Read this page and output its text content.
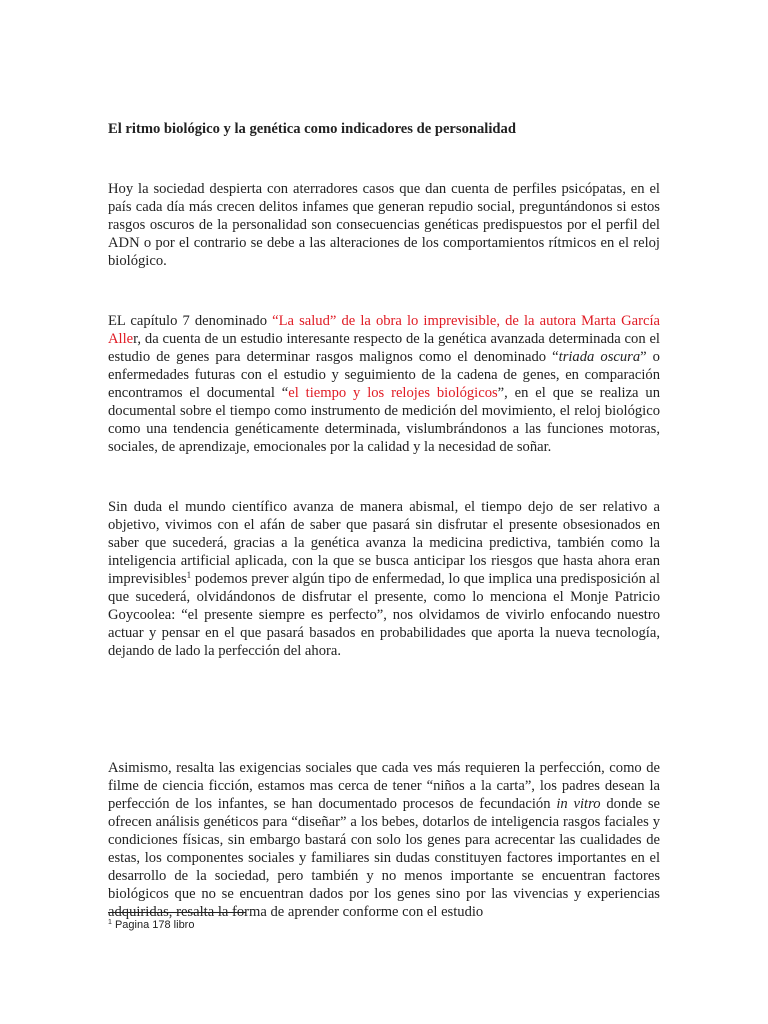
El ritmo biológico y la genética como indicadores de personalidad

Hoy la sociedad despierta con aterradores casos que dan cuenta de perfiles psicópatas, en el país cada día más crecen delitos infames que generan repudio social, preguntándonos si estos rasgos oscuros de la personalidad son consecuencias genéticas predispuestos por el perfil del ADN o por el contrario se debe a las alteraciones de los comportamientos rítmicos en el reloj biológico.

EL capítulo 7 denominado “La salud” de la obra lo imprevisible, de la autora Marta García Aller, da cuenta de un estudio interesante respecto de la genética avanzada determinada con el estudio de genes para determinar rasgos malignos como el denominado “triada oscura” o enfermedades futuras con el estudio y seguimiento de la cadena de genes, en comparación encontramos el documental “el tiempo y los relojes biológicos”, en el que se realiza un documental sobre el tiempo como instrumento de medición del movimiento, el reloj biológico como una tendencia genéticamente determinada, vislumbrándonos a las funciones motoras, sociales, de aprendizaje, emocionales por la calidad y la necesidad de soñar.

Sin duda el mundo científico avanza de manera abismal, el tiempo dejo de ser relativo a objetivo, vivimos con el afán de saber que pasará sin disfrutar el presente obsesionados en saber que sucederá, gracias a la genética avanza la medicina predictiva, también como la inteligencia artificial aplicada, con la que se busca anticipar los riesgos que hasta ahora eran imprevisibles$^1$ podemos prever algún tipo de enfermedad, lo que implica una predisposición al que sucederá, olvidándonos de disfrutar el presente, como lo menciona el Monje Patricio Goycoolea: “el presente siempre es perfecto”, nos olvidamos de vivirlo enfocando nuestro actuar y pensar en el que pasará basados en probabilidades que aporta la nueva tecnología, dejando de lado la perfección del ahora.

Asimismo, resalta las exigencias sociales que cada ves más requieren la perfección, como de filme de ciencia ficción, estamos mas cerca de tener “niños a la carta”, los padres desean la perfección de los infantes, se han documentado procesos de fecundación in vitro donde se ofrecen análisis genéticos para “diseñar” a los bebes, dotarlos de inteligencia rasgos faciales y condiciones físicas, sin embargo bastará con solo los genes para acrecentar las cualidades de estas, los componentes sociales y familiares sin dudas constituyen factores importantes en el desarrollo de la sociedad, pero también y no menos importante se encuentran factores biológicos que no se encuentran dados por los genes sino por las vivencias y experiencias adquiridas, resalta la forma de aprender conforme con el estudio

$^1$ Pagina 178 libro
